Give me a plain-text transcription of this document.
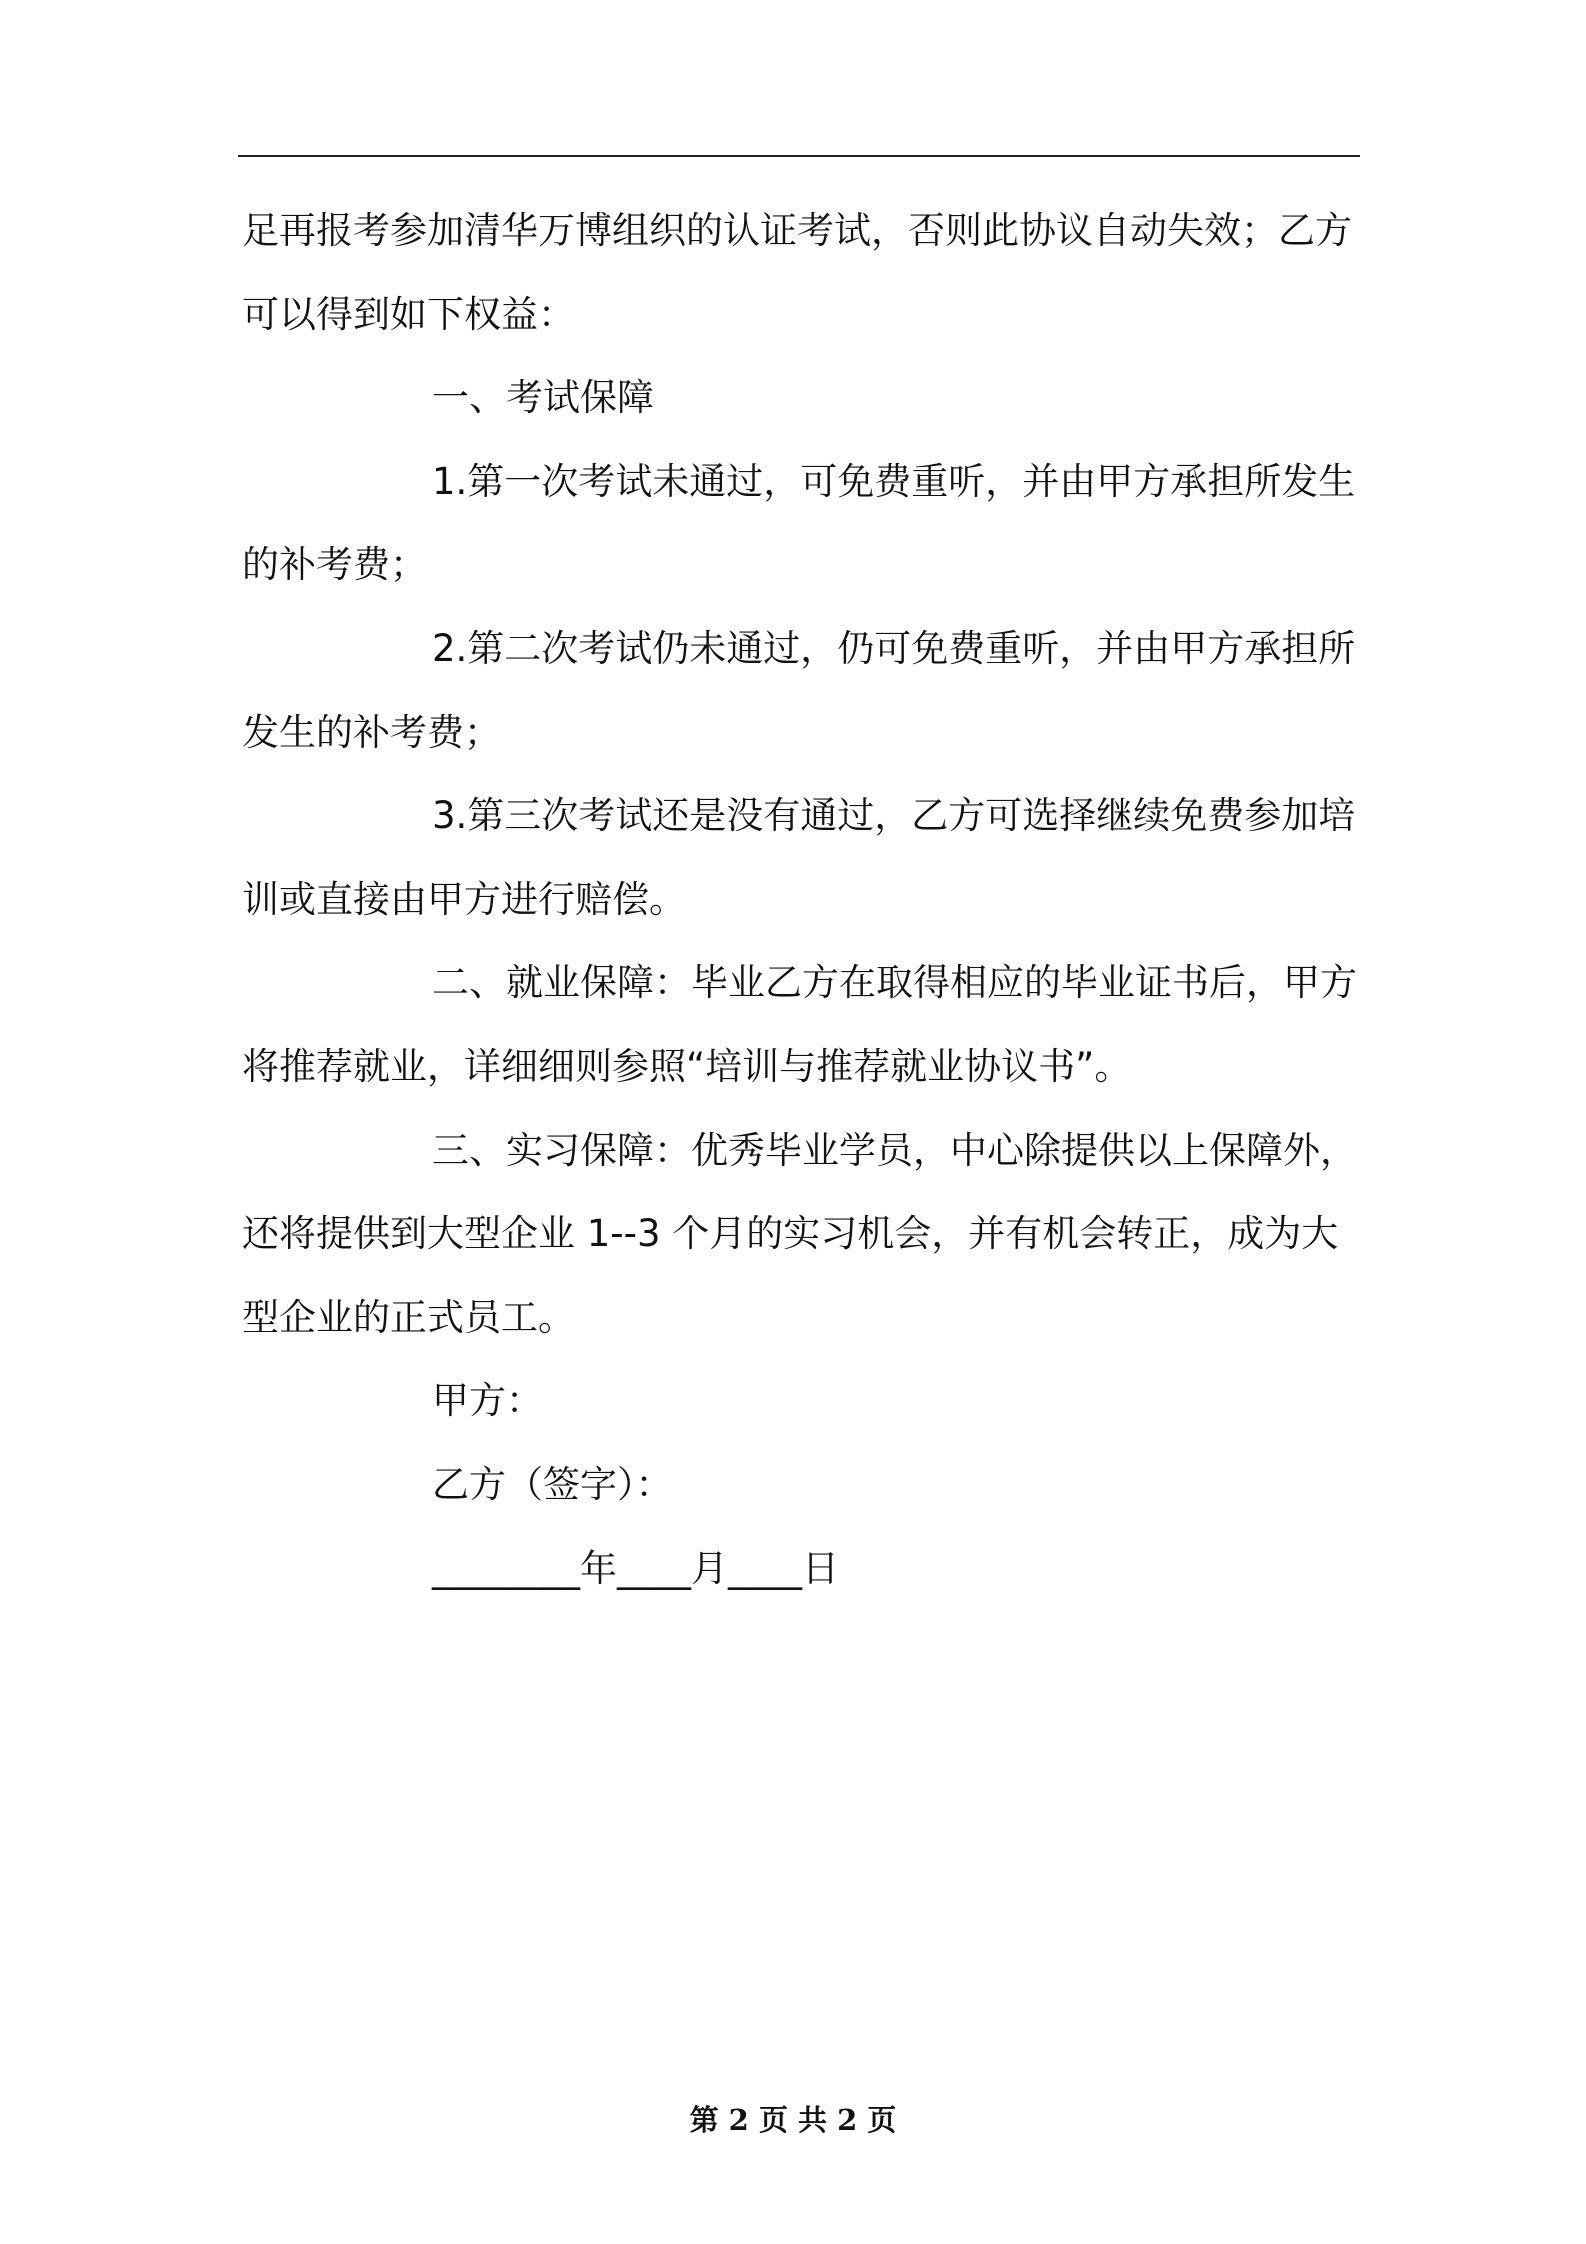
足再报考参加清华万博组织的认证考试，否则此协议自动失效；乙方
可以得到如下权益：
一、考试保障
1.第一次考试未通过，可免费重听，并由甲方承担所发生
的补考费；
2.第二次考试仍未通过，仍可免费重听，并由甲方承担所
发生的补考费；
3.第三次考试还是没有通过，乙方可选择继续免费参加培
训或直接由甲方进行赔偿。
二、就业保障：毕业乙方在取得相应的毕业证书后，甲方
将推荐就业，详细细则参照“培训与推荐就业协议书”。
三、实习保障：优秀毕业学员，中心除提供以上保障外，
还将提供到大型企业 1--3 个月的实习机会，并有机会转正，成为大
型企业的正式员工。
甲方：
乙方（签字）：
________年____月____日
第 2 页 共 2 页
